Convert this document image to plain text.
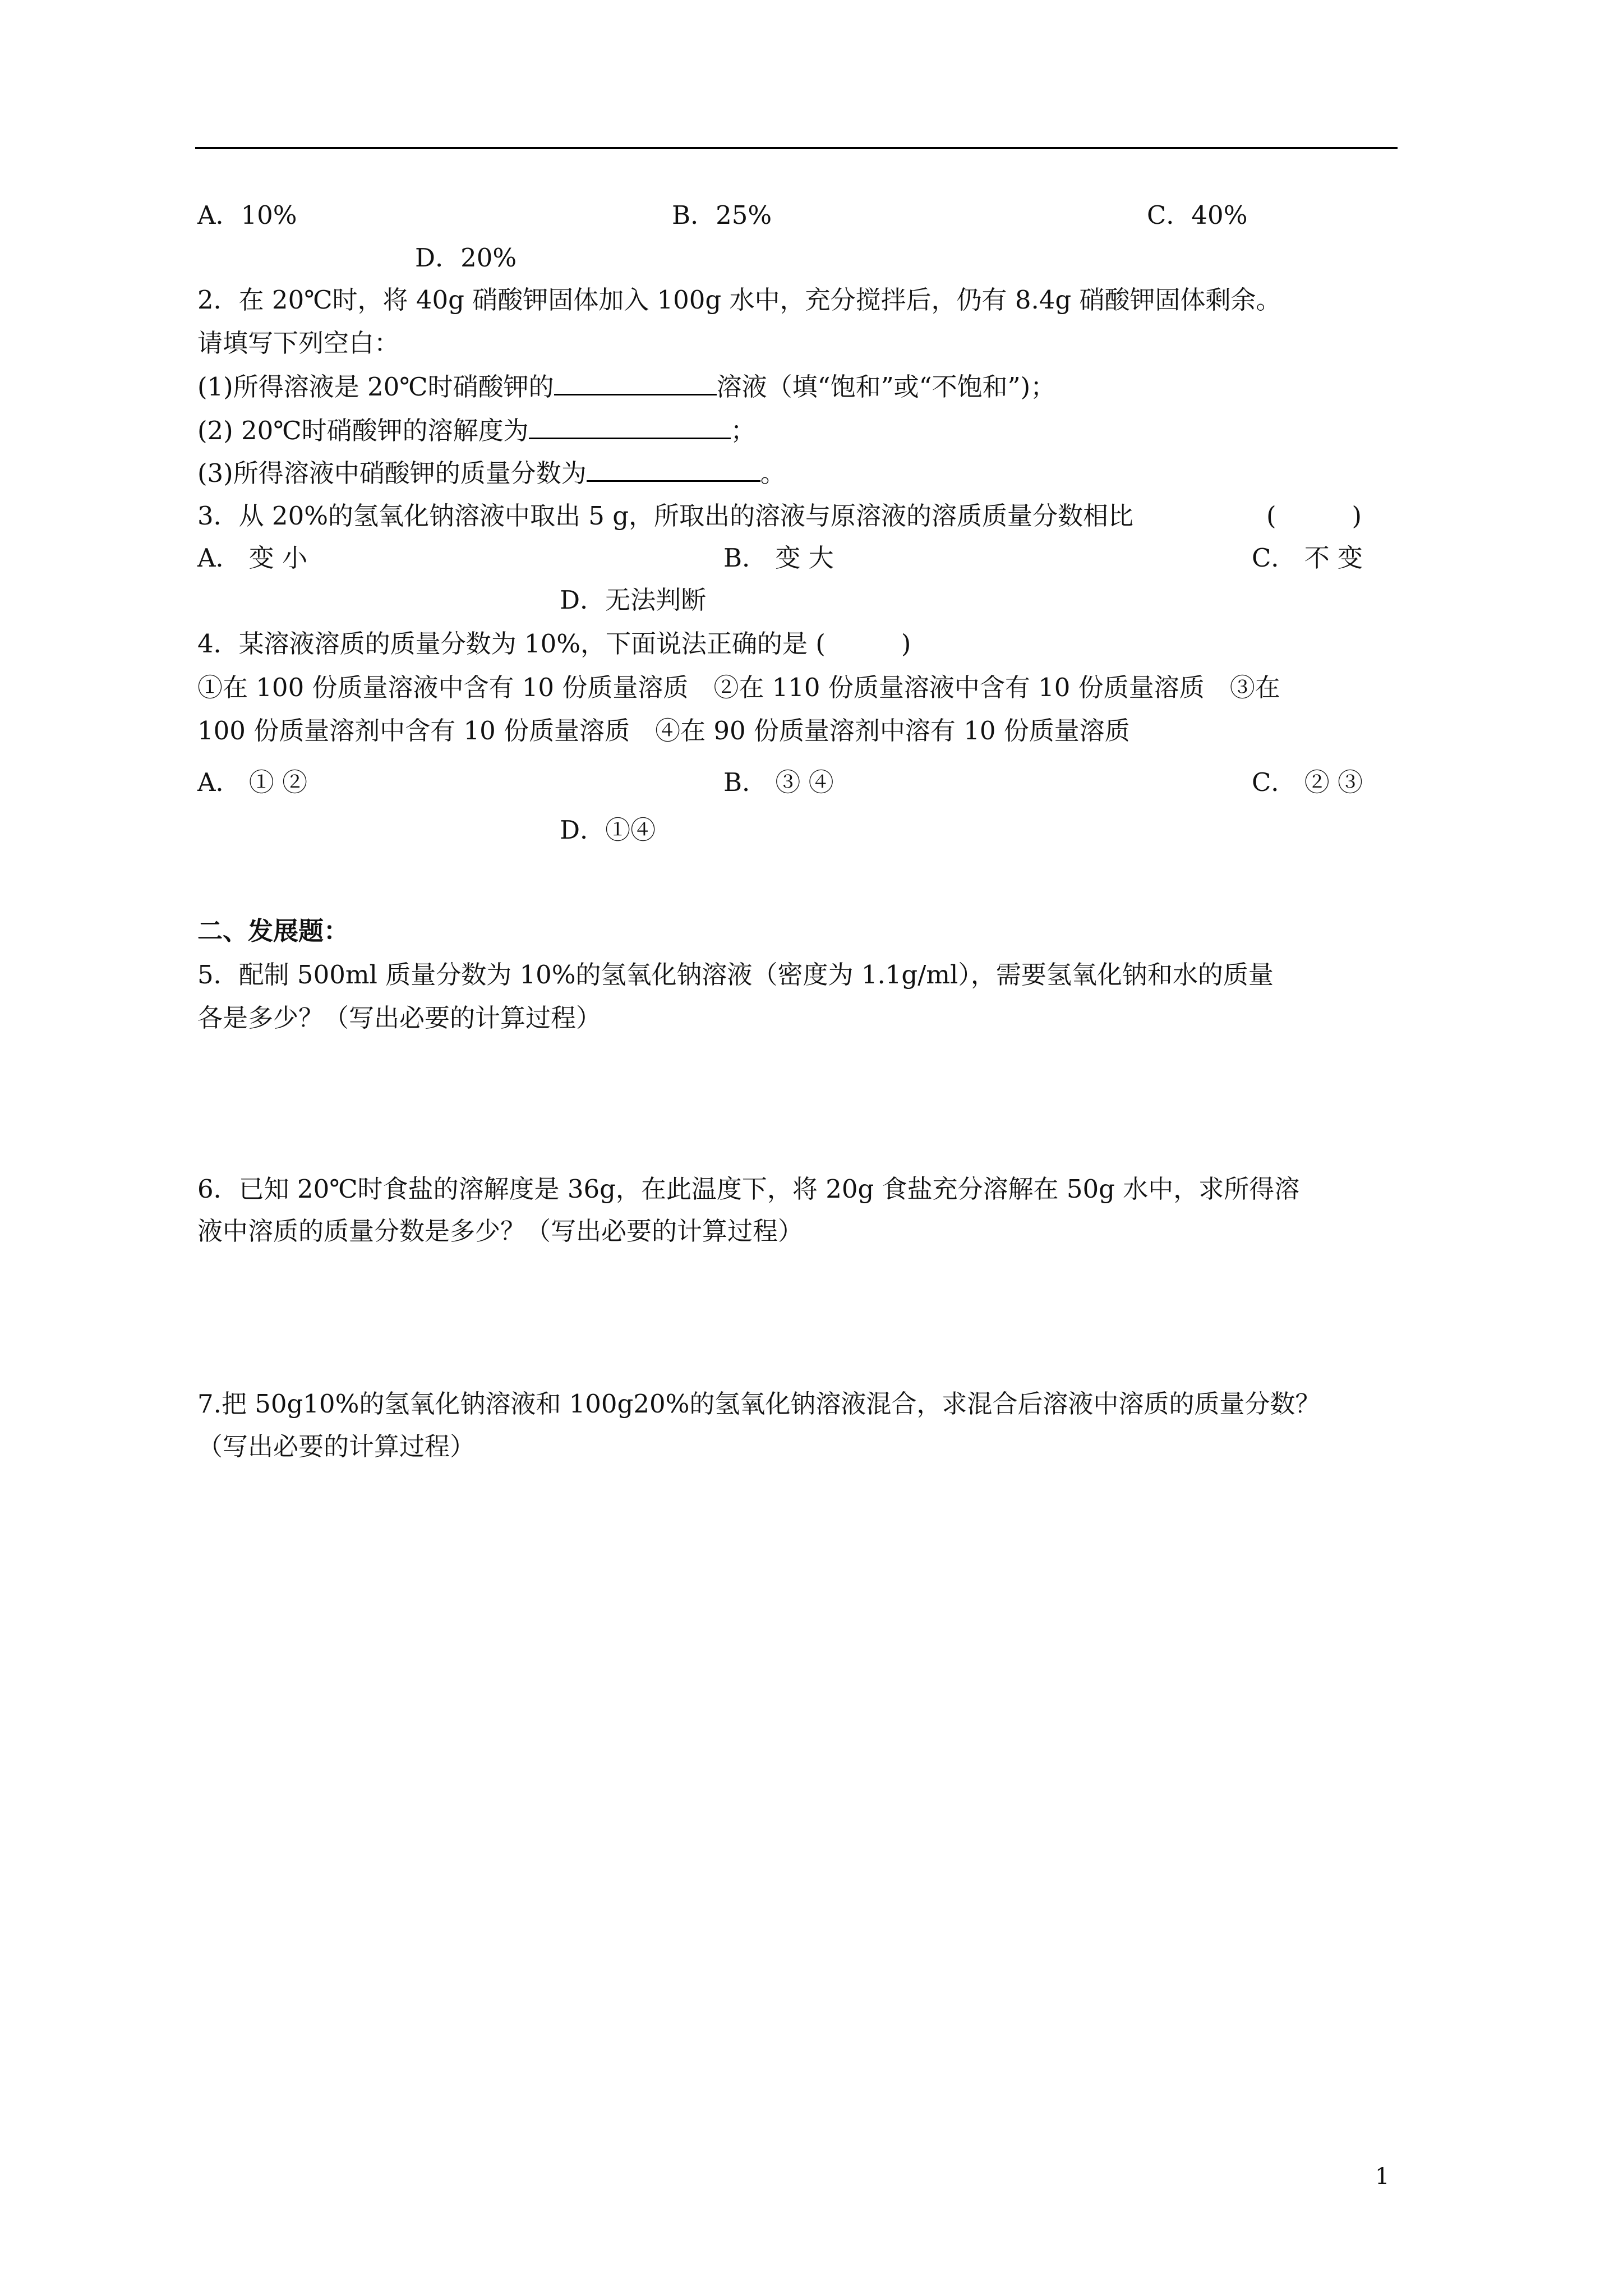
A．10%	B．25%	C．40%
D．20%
2．在 20℃时，将 40g 硝酸钾固体加入 100g 水中，充分搅拌后，仍有 8.4g 硝酸钾固体剩余。
请填写下列空白：
(1)所得溶液是 20℃时硝酸钾的	溶液（填“饱和”或“不饱和”)；
(2) 20℃时硝酸钾的溶解度为	；
(3)所得溶液中硝酸钾的质量分数为	。
3．从 20%的氢氧化钠溶液中取出 5 g，所取出的溶液与原溶液的溶质质量分数相比	(　　　)
A． 变 小	B． 变 大	C． 不 变
D．无法判断
4．某溶液溶质的质量分数为 10%，下面说法正确的是 (　　　)
①在 100 份质量溶液中含有 10 份质量溶质　②在 110 份质量溶液中含有 10 份质量溶质　③在
100 份质量溶剂中含有 10 份质量溶质　④在 90 份质量溶剂中溶有 10 份质量溶质
A． ① ②	B． ③ ④	C． ② ③
D．①④
二、发展题：
5．配制 500ml 质量分数为 10%的氢氧化钠溶液（密度为 1.1g/ml），需要氢氧化钠和水的质量
各是多少？（写出必要的计算过程）
6．已知 20℃时食盐的溶解度是 36g，在此温度下，将 20g 食盐充分溶解在 50g 水中，求所得溶
液中溶质的质量分数是多少？（写出必要的计算过程）
7.把 50g10%的氢氧化钠溶液和 100g20%的氢氧化钠溶液混合，求混合后溶液中溶质的质量分数？
（写出必要的计算过程）
1
